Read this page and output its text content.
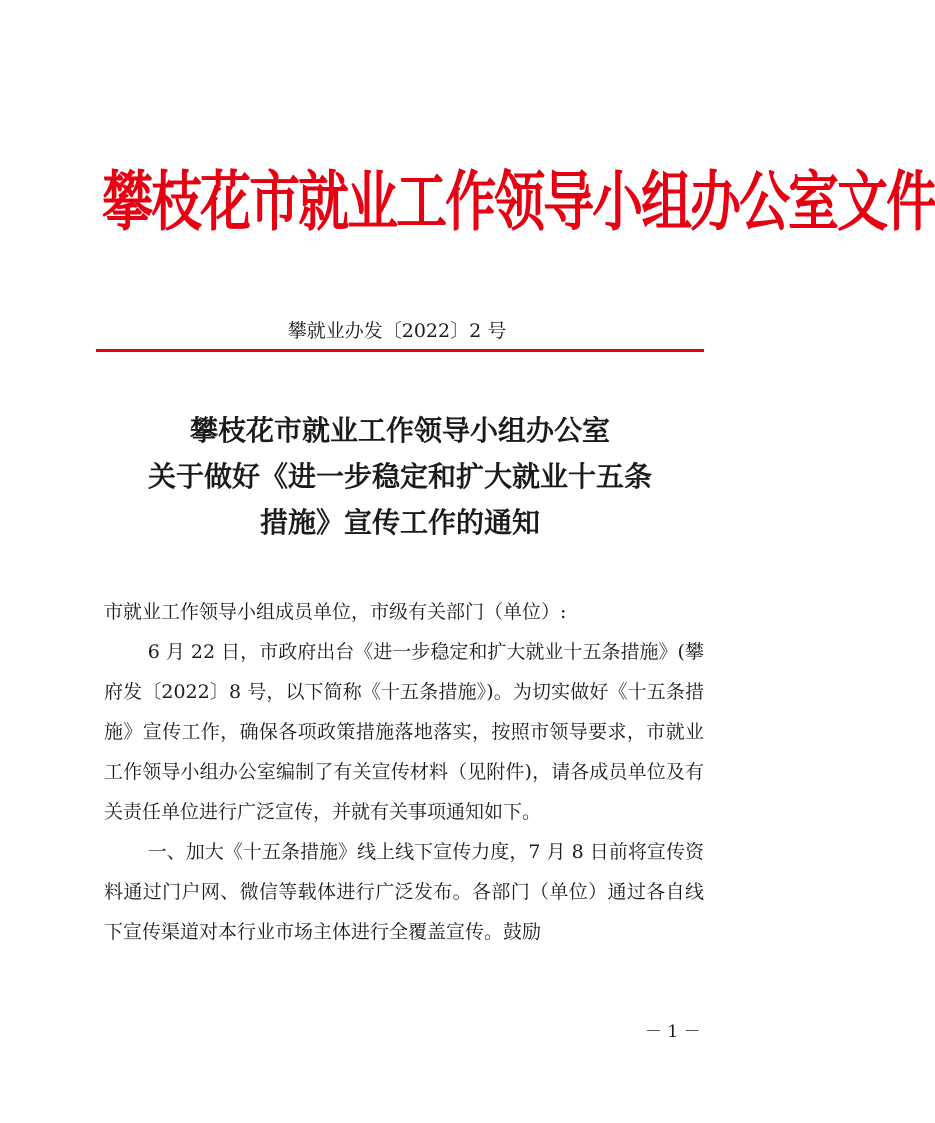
攀枝花市就业工作领导小组办公室文件
攀就业办发〔2022〕2 号
攀枝花市就业工作领导小组办公室
关于做好《进一步稳定和扩大就业十五条
措施》宣传工作的通知

市就业工作领导小组成员单位，市级有关部门（单位）:

6 月 22 日，市政府出台《进一步稳定和扩大就业十五条措施》(攀府发〔2022〕8 号，以下简称《十五条措施》)。为切实做好《十五条措施》宣传工作，确保各项政策措施落地落实，按照市领导要求，市就业工作领导小组办公室编制了有关宣传材料（见附件)，请各成员单位及有关责任单位进行广泛宣传，并就有关事项通知如下。

一、加大《十五条措施》线上线下宣传力度，7 月 8 日前将宣传资料通过门户网、微信等载体进行广泛发布。各部门（单位）通过各自线下宣传渠道对本行业市场主体进行全覆盖宣传。鼓励

－ 1 －
